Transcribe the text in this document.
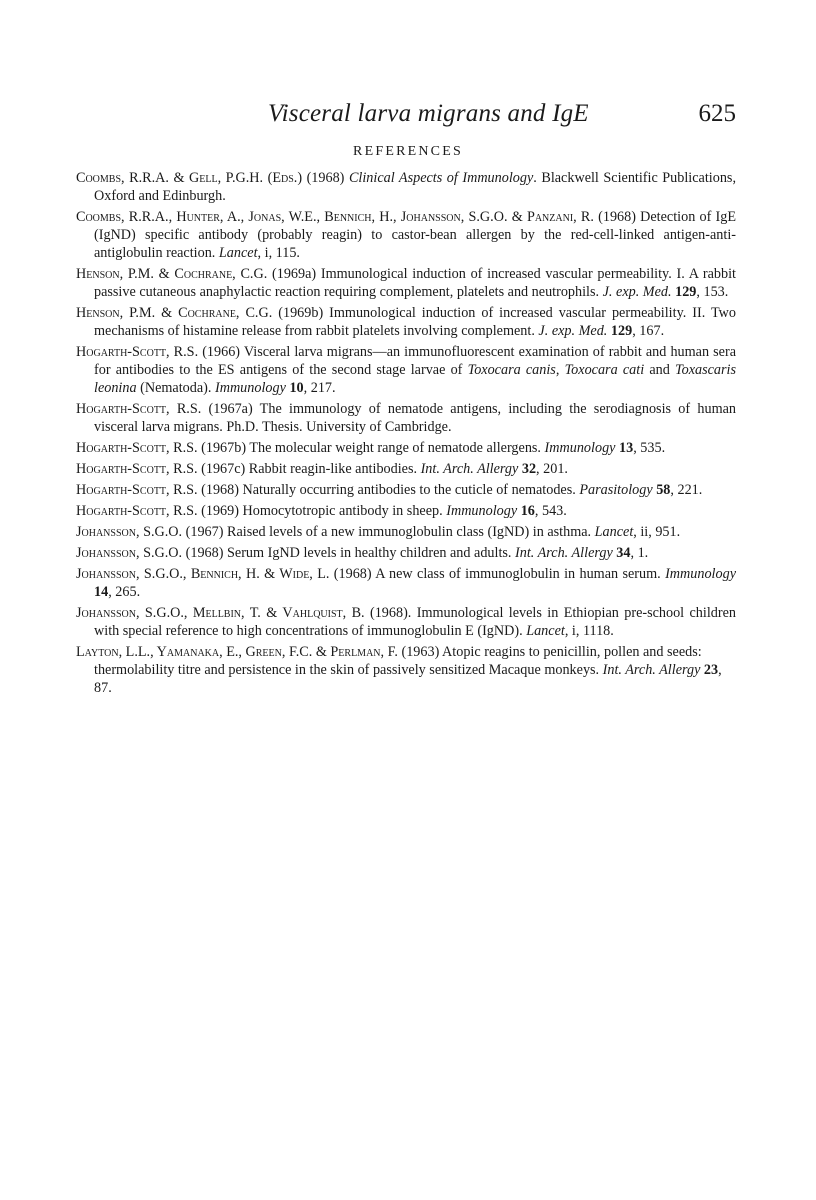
Visceral larva migrans and IgE	625
REFERENCES
Coombs, R.R.A. & Gell, P.G.H. (Eds.) (1968) Clinical Aspects of Immunology. Blackwell Scientific Publications, Oxford and Edinburgh.
Coombs, R.R.A., Hunter, A., Jonas, W.E., Bennich, H., Johansson, S.G.O. & Panzani, R. (1968) Detection of IgE (IgND) specific antibody (probably reagin) to castor-bean allergen by the red-cell-linked antigen-anti-antiglobulin reaction. Lancet, i, 115.
Henson, P.M. & Cochrane, C.G. (1969a) Immunological induction of increased vascular permeability. I. A rabbit passive cutaneous anaphylactic reaction requiring complement, platelets and neutrophils. J. exp. Med. 129, 153.
Henson, P.M. & Cochrane, C.G. (1969b) Immunological induction of increased vascular permeability. II. Two mechanisms of histamine release from rabbit platelets involving complement. J. exp. Med. 129, 167.
Hogarth-Scott, R.S. (1966) Visceral larva migrans—an immunofluorescent examination of rabbit and human sera for antibodies to the ES antigens of the second stage larvae of Toxocara canis, Toxocara cati and Toxascaris leonina (Nematoda). Immunology 10, 217.
Hogarth-Scott, R.S. (1967a) The immunology of nematode antigens, including the serodiagnosis of human visceral larva migrans. Ph.D. Thesis. University of Cambridge.
Hogarth-Scott, R.S. (1967b) The molecular weight range of nematode allergens. Immunology 13, 535.
Hogarth-Scott, R.S. (1967c) Rabbit reagin-like antibodies. Int. Arch. Allergy 32, 201.
Hogarth-Scott, R.S. (1968) Naturally occurring antibodies to the cuticle of nematodes. Parasitology 58, 221.
Hogarth-Scott, R.S. (1969) Homocytotropic antibody in sheep. Immunology 16, 543.
Johansson, S.G.O. (1967) Raised levels of a new immunoglobulin class (IgND) in asthma. Lancet, ii, 951.
Johansson, S.G.O. (1968) Serum IgND levels in healthy children and adults. Int. Arch. Allergy 34, 1.
Johansson, S.G.O., Bennich, H. & Wide, L. (1968) A new class of immunoglobulin in human serum. Immunology 14, 265.
Johansson, S.G.O., Mellbin, T. & Vahlquist, B. (1968). Immunological levels in Ethiopian pre-school children with special reference to high concentrations of immunoglobulin E (IgND). Lancet, i, 1118.
Layton, L.L., Yamanaka, E., Green, F.C. & Perlman, F. (1963) Atopic reagins to penicillin, pollen and seeds: thermolability titre and persistence in the skin of passively sensitized Macaque monkeys. Int. Arch. Allergy 23, 87.
